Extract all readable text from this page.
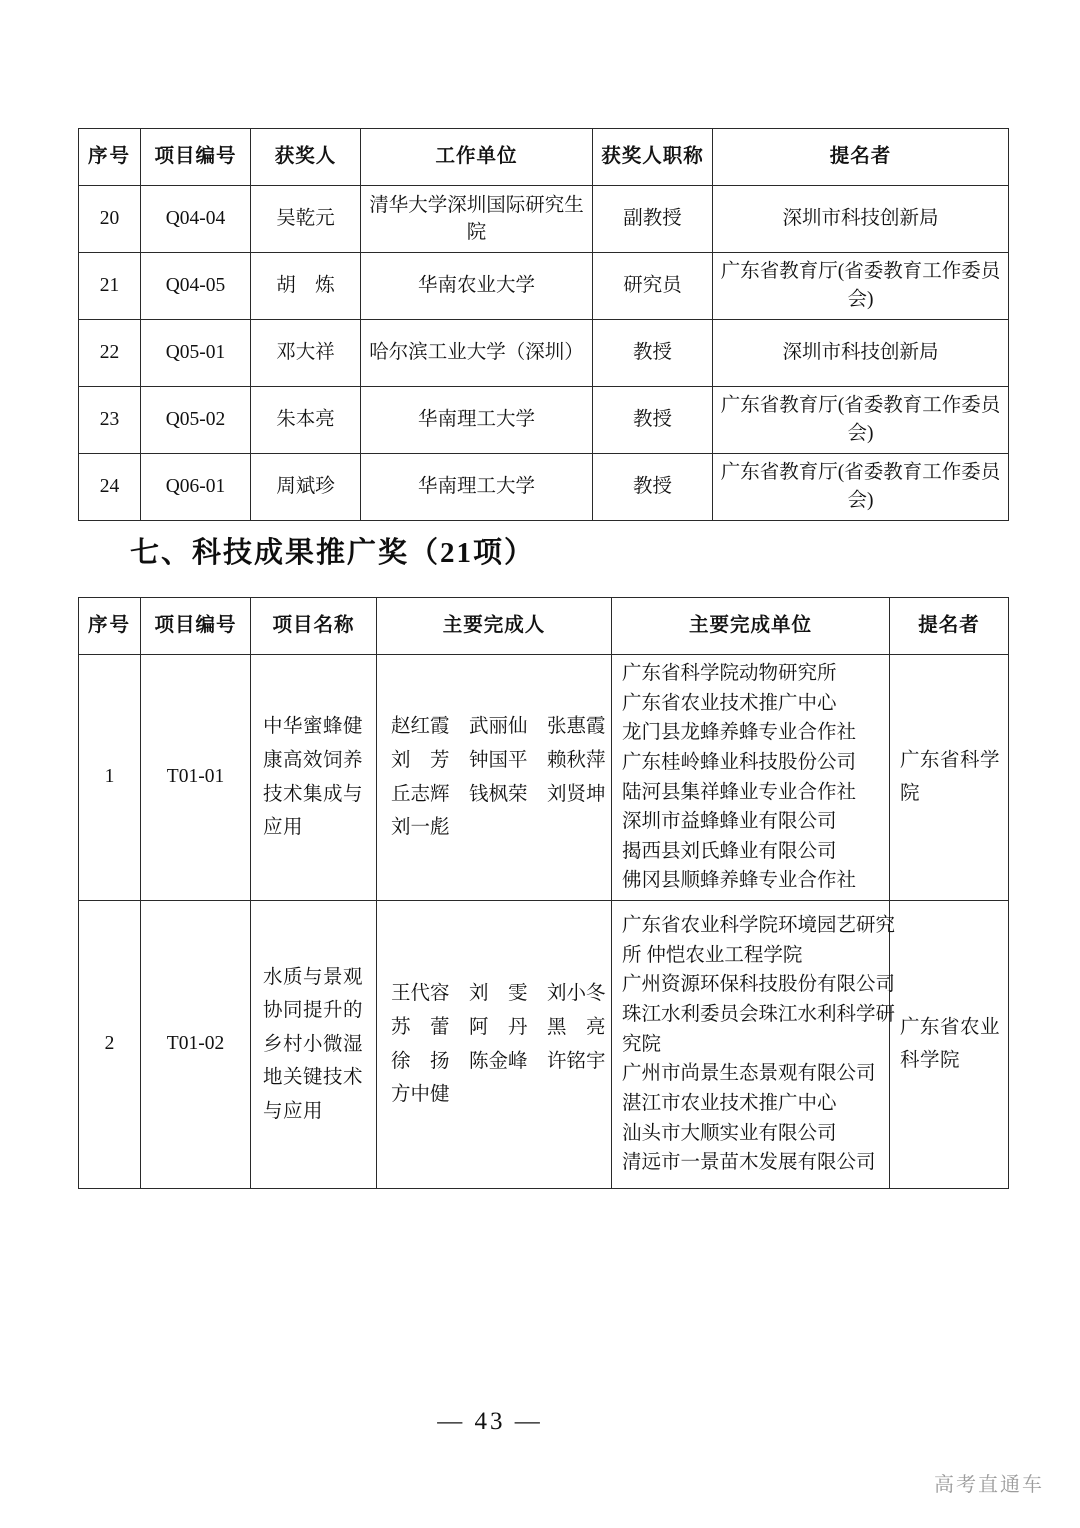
序号	项目编号	获奖人	工作单位	获奖人职称	提名者
20	Q04-04	吴乾元	清华大学深圳国际研究生院	副教授	深圳市科技创新局
21	Q04-05	胡　炼	华南农业大学	研究员	广东省教育厅(省委教育工作委员会)
22	Q05-01	邓大祥	哈尔滨工业大学（深圳）	教授	深圳市科技创新局
23	Q05-02	朱本亮	华南理工大学	教授	广东省教育厅(省委教育工作委员会)
24	Q06-01	周斌珍	华南理工大学	教授	广东省教育厅(省委教育工作委员会)
七、科技成果推广奖（21项）
序号	项目编号	项目名称	主要完成人	主要完成单位	提名者
1	T01-01	中华蜜蜂健
康高效饲养
技术集成与
应用	赵红霞　武丽仙　张惠霞
刘　芳　钟国平　赖秋萍
丘志辉　钱枫荣　刘贤坤
刘一彪	广东省科学院动物研究所 广东省农业技术推广中心 龙门县龙蜂养蜂专业合作社 广东桂岭蜂业科技股份公司 陆河县集祥蜂业专业合作社 深圳市益蜂蜂业有限公司 揭西县刘氏蜂业有限公司 佛冈县顺蜂养蜂专业合作社	广东省科学
院

2	T01-02	水质与景观
协同提升的
乡村小微湿
地关键技术
与应用	王代容　刘　雯　刘小冬
苏　蕾　阿　丹　黑　亮
徐　扬　陈金峰　许铭宇
方中健	广东省农业科学院环境园艺研究 所 仲恺农业工程学院 广州资源环保科技股份有限公司 珠江水利委员会珠江水利科学研 究院 广州市尚景生态景观有限公司 湛江市农业技术推广中心 汕头市大顺实业有限公司 清远市一景苗木发展有限公司	广东省农业
科学院
— 43 —
高考直通车
